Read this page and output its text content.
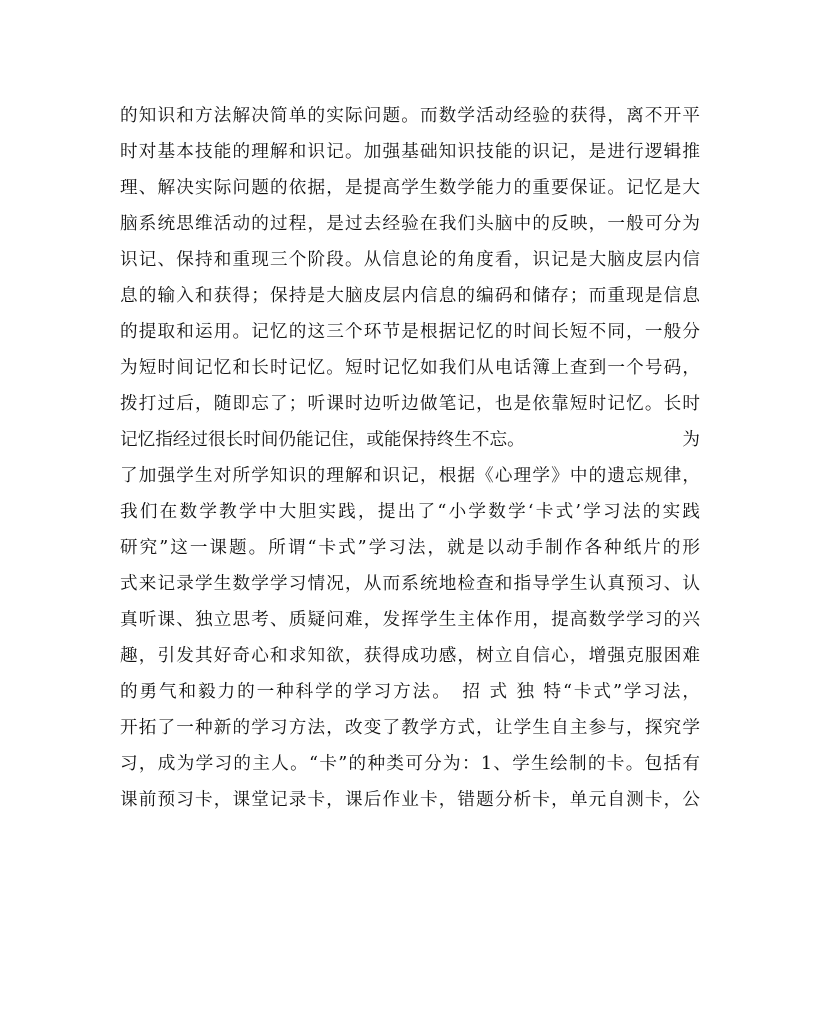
的知识和方法解决简单的实际问题。而数学活动经验的获得，离不开平
时对基本技能的理解和识记。加强基础知识技能的识记，是进行逻辑推
理、解决实际问题的依据，是提高学生数学能力的重要保证。记忆是大
脑系统思维活动的过程，是过去经验在我们头脑中的反映，一般可分为
识记、保持和重现三个阶段。从信息论的角度看，识记是大脑皮层内信
息的输入和获得；保持是大脑皮层内信息的编码和储存；而重现是信息
的提取和运用。记忆的这三个环节是根据记忆的时间长短不同，一般分
为短时间记忆和长时记忆。短时记忆如我们从电话簿上查到一个号码，
拨打过后，随即忘了；听课时边听边做笔记，也是依靠短时记忆。长时
记忆指经过很长时间仍能记住，或能保持终生不忘。	为
了加强学生对所学知识的理解和识记，根据《心理学》中的遗忘规律，
我们在数学教学中大胆实践，提出了“小学数学‘卡式’学习法的实践
研究”这一课题。所谓“卡式”学习法，就是以动手制作各种纸片的形
式来记录学生数学学习情况，从而系统地检查和指导学生认真预习、认
真听课、独立思考、质疑问难，发挥学生主体作用，提高数学学习的兴
趣，引发其好奇心和求知欲，获得成功感，树立自信心，增强克服困难
的勇气和毅力的一种科学的学习方法。　招 式 独 特“卡式”学习法，
开拓了一种新的学习方法，改变了教学方式，让学生自主参与，探究学
习，成为学习的主人。“卡”的种类可分为：1、学生绘制的卡。包括有
课前预习卡，课堂记录卡，课后作业卡，错题分析卡，单元自测卡，公
